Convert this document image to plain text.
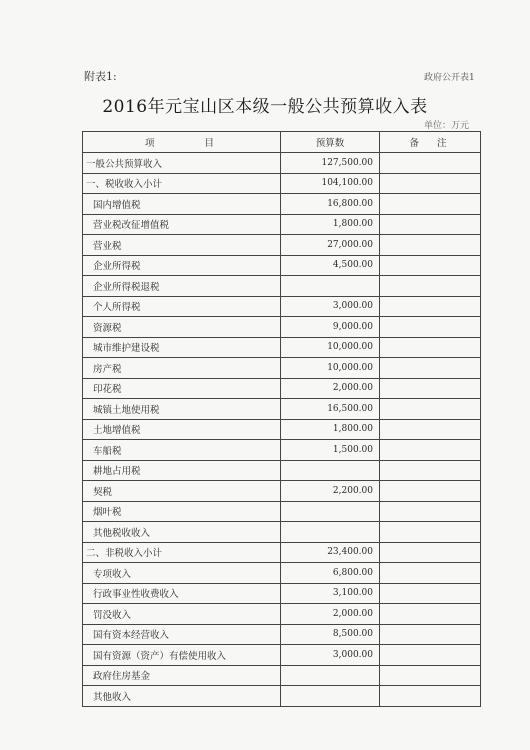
附表1:	政府公开表1
2016年元宝山区本级一般公共预算收入表
单位：万元
项目	预算数	备注
一般公共预算收入	127,500.00	
一、税收收入小计	104,100.00	
国内增值税	16,800.00	
营业税改征增值税	1,800.00	
营业税	27,000.00	
企业所得税	4,500.00	
企业所得税退税		
个人所得税	3,000.00	
资源税	9,000.00	
城市维护建设税	10,000.00	
房产税	10,000.00	
印花税	2,000.00	
城镇土地使用税	16,500.00	
土地增值税	1,800.00	
车船税	1,500.00	
耕地占用税		
契税	2,200.00	
烟叶税		
其他税收收入		
二、非税收入小计	23,400.00	
专项收入	6,800.00	
行政事业性收费收入	3,100.00	
罚没收入	2,000.00	
国有资本经营收入	8,500.00	
国有资源（资产）有偿使用收入	3,000.00	
政府住房基金		
其他收入		
